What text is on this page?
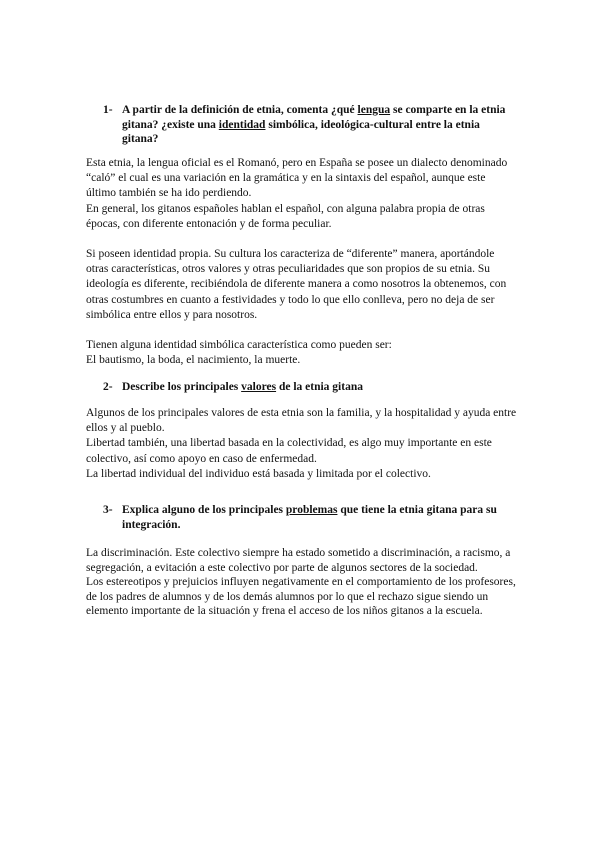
1- A partir de la definición de etnia, comenta ¿qué lengua se comparte en la etnia gitana? ¿existe una identidad simbólica, ideológica-cultural entre la etnia gitana?

Esta etnia, la lengua oficial es el Romanó, pero en España se posee un dialecto denominado “caló” el cual es una variación en la gramática y en la sintaxis del español, aunque este último también se ha ido perdiendo.

En general, los gitanos españoles hablan el español, con alguna palabra propia de otras épocas, con diferente entonación y de forma peculiar.

Si poseen identidad propia. Su cultura los caracteriza de “diferente” manera, aportándole otras características, otros valores y otras peculiaridades que son propios de su etnia. Su ideología es diferente, recibiéndola de diferente manera a como nosotros la obtenemos, con otras costumbres en cuanto a festividades y todo lo que ello conlleva, pero no deja de ser simbólica entre ellos y para nosotros.

Tienen alguna identidad simbólica característica como pueden ser:

El bautismo, la boda, el nacimiento, la muerte.

2- Describe los principales valores de la etnia gitana

Algunos de los principales valores de esta etnia son la familia, y la hospitalidad y ayuda entre ellos y al pueblo.

Libertad también, una libertad basada en la colectividad, es algo muy importante en este colectivo, así como apoyo en caso de enfermedad.

La libertad individual del individuo está basada y limitada por el colectivo.

3- Explica alguno de los principales problemas que tiene la etnia gitana para su integración.

La discriminación. Este colectivo siempre ha estado sometido a discriminación, a racismo, a segregación, a evitación a este colectivo por parte de algunos sectores de la sociedad.

Los estereotipos y prejuicios influyen negativamente en el comportamiento de los profesores, de los padres de alumnos y de los demás alumnos por lo que el rechazo sigue siendo un elemento importante de la situación y frena el acceso de los niños gitanos a la escuela.
